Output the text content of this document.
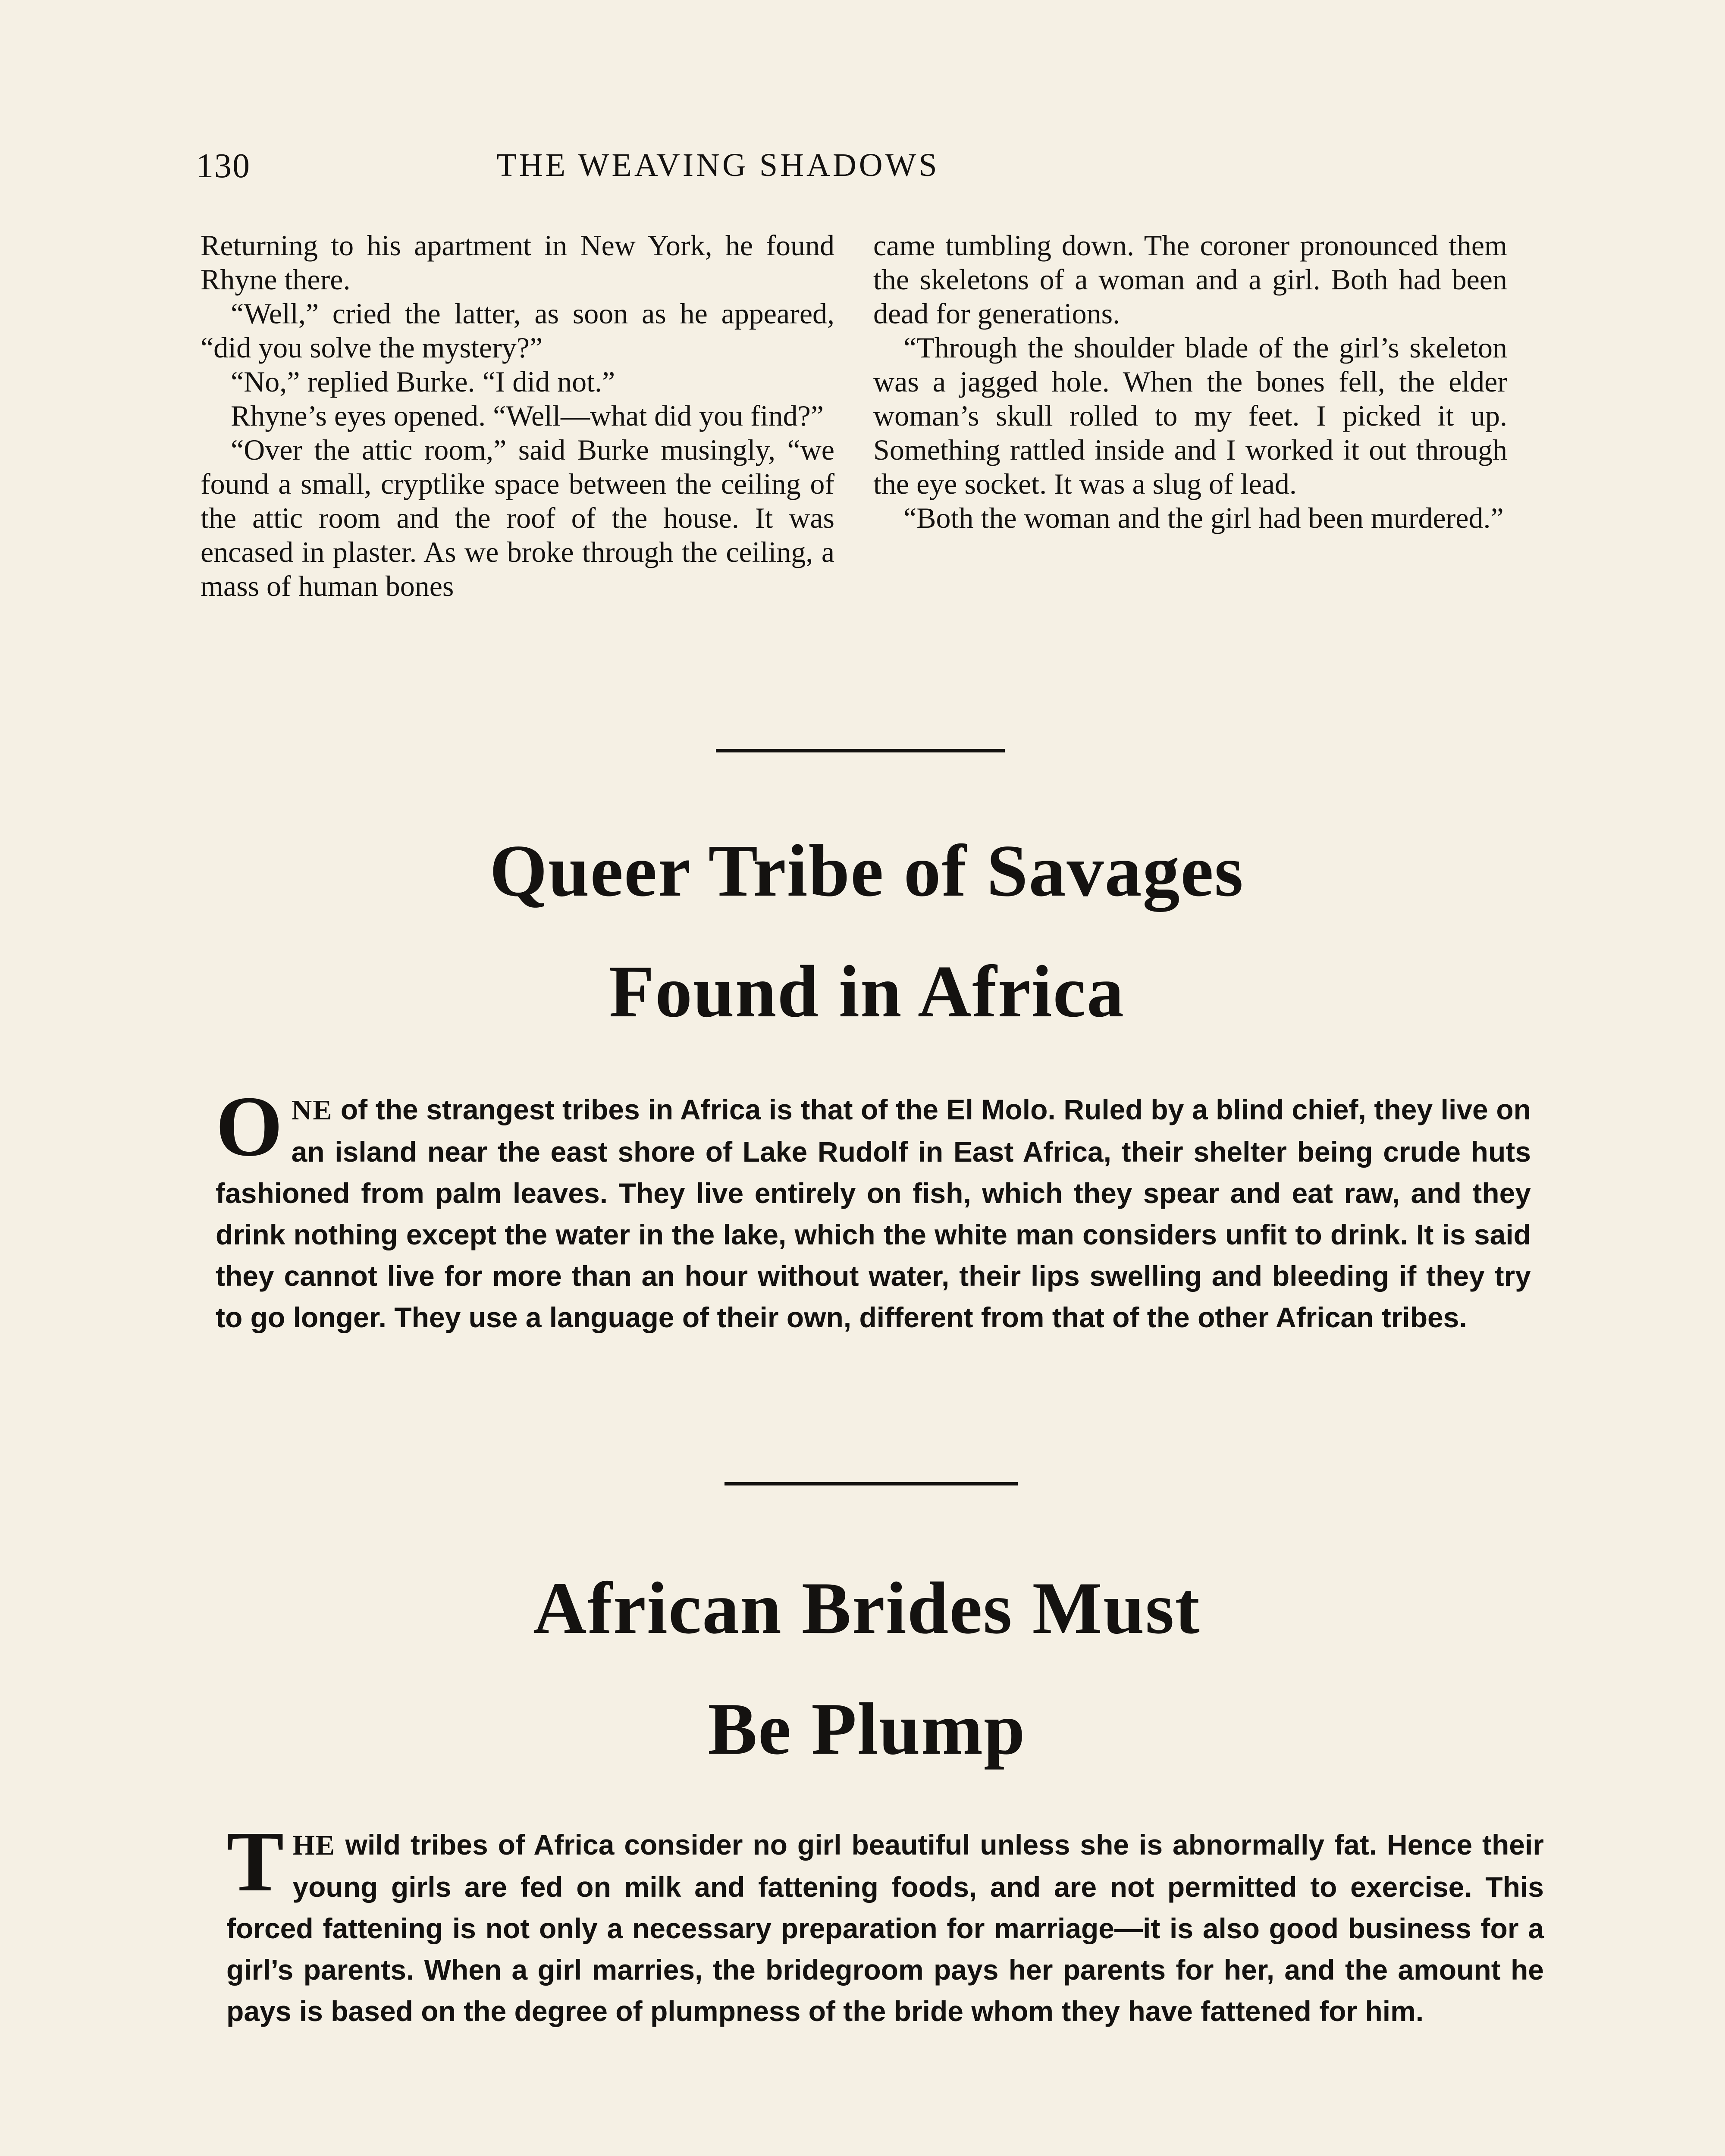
130	THE WEAVING SHADOWS

Returning to his apartment in New York, he found Rhyne there.

“Well,” cried the latter, as soon as he appeared, “did you solve the mystery?”

“No,” replied Burke. “I did not.”

Rhyne’s eyes opened. “Well—what did you find?”

“Over the attic room,” said Burke musingly, “we found a small, cryptlike space between the ceiling of the attic room and the roof of the house. It was encased in plaster. As we broke through the ceiling, a mass of human bones

came tumbling down. The coroner pronounced them the skeletons of a woman and a girl. Both had been dead for generations.

“Through the shoulder blade of the girl’s skeleton was a jagged hole. When the bones fell, the elder woman’s skull rolled to my feet. I picked it up. Something rattled inside and I worked it out through the eye socket. It was a slug of lead.

“Both the woman and the girl had been murdered.”

Queer Tribe of Savages
Found in Africa

ONE of the strangest tribes in Africa is that of the El Molo. Ruled by a blind chief, they live on an island near the east shore of Lake Rudolf in East Africa, their shelter being crude huts fashioned from palm leaves. They live entirely on fish, which they spear and eat raw, and they drink nothing except the water in the lake, which the white man considers unfit to drink. It is said they cannot live for more than an hour without water, their lips swelling and bleeding if they try to go longer. They use a language of their own, different from that of the other African tribes.

African Brides Must
Be Plump

THE wild tribes of Africa consider no girl beautiful unless she is abnormally fat. Hence their young girls are fed on milk and fattening foods, and are not permitted to exercise. This forced fattening is not only a necessary preparation for marriage—it is also good business for a girl’s parents. When a girl marries, the bridegroom pays her parents for her, and the amount he pays is based on the degree of plumpness of the bride whom they have fattened for him.
